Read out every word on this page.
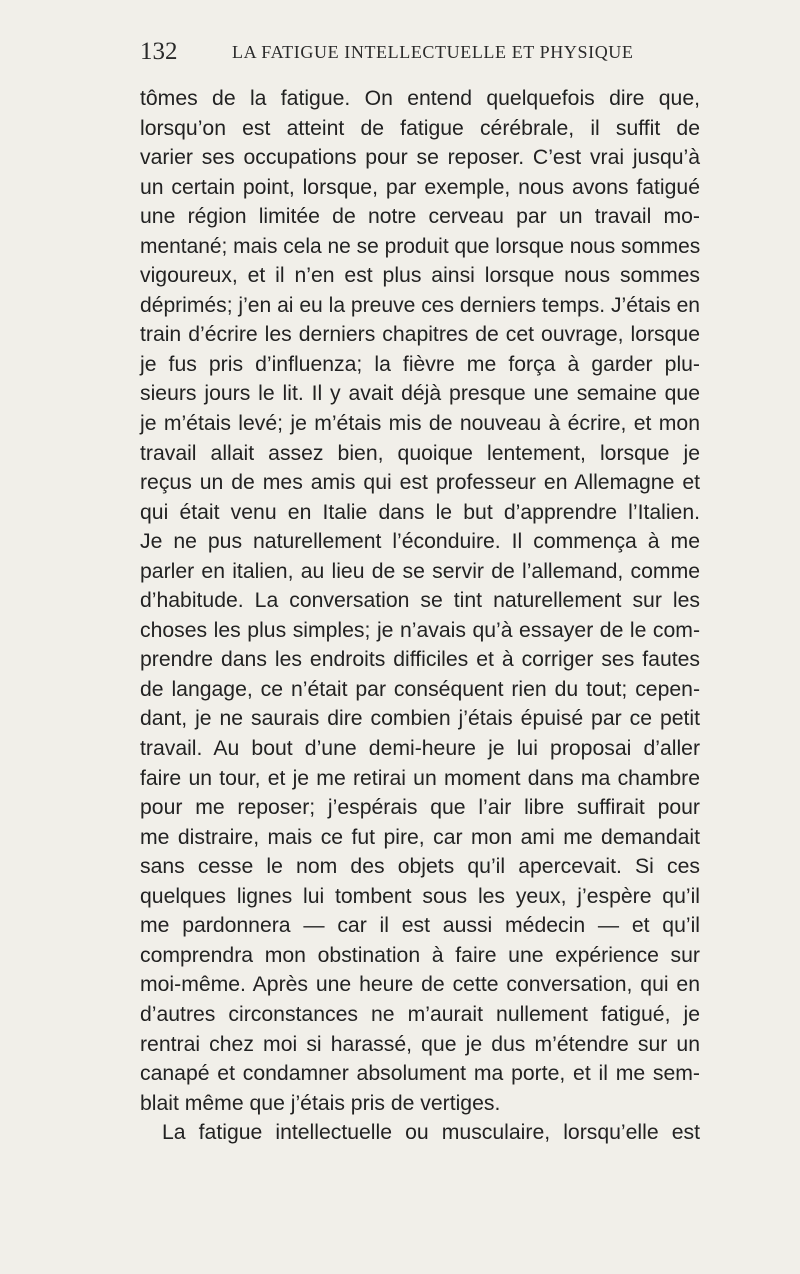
132	LA FATIGUE INTELLECTUELLE ET PHYSIQUE
tômes de la fatigue. On entend quelquefois dire que,
lorsqu’on est atteint de fatigue cérébrale, il suffit de
varier ses occupations pour se reposer. C’est vrai jusqu’à
un certain point, lorsque, par exemple, nous avons fatigué
une région limitée de notre cerveau par un travail mo-
mentané; mais cela ne se produit que lorsque nous sommes
vigoureux, et il n’en est plus ainsi lorsque nous sommes
déprimés; j’en ai eu la preuve ces derniers temps. J’étais en
train d’écrire les derniers chapitres de cet ouvrage, lorsque
je fus pris d’influenza; la fièvre me força à garder plu-
sieurs jours le lit. Il y avait déjà presque une semaine que
je m’étais levé; je m’étais mis de nouveau à écrire, et mon
travail allait assez bien, quoique lentement, lorsque je
reçus un de mes amis qui est professeur en Allemagne et
qui était venu en Italie dans le but d’apprendre l’Italien.
Je ne pus naturellement l’éconduire. Il commença à me
parler en italien, au lieu de se servir de l’allemand, comme
d’habitude. La conversation se tint naturellement sur les
choses les plus simples; je n’avais qu’à essayer de le com-
prendre dans les endroits difficiles et à corriger ses fautes
de langage, ce n’était par conséquent rien du tout; cepen-
dant, je ne saurais dire combien j’étais épuisé par ce petit
travail. Au bout d’une demi-heure je lui proposai d’aller
faire un tour, et je me retirai un moment dans ma chambre
pour me reposer; j’espérais que l’air libre suffirait pour
me distraire, mais ce fut pire, car mon ami me demandait
sans cesse le nom des objets qu’il apercevait. Si ces
quelques lignes lui tombent sous les yeux, j’espère qu’il
me pardonnera — car il est aussi médecin — et qu’il
comprendra mon obstination à faire une expérience sur
moi-même. Après une heure de cette conversation, qui en
d’autres circonstances ne m’aurait nullement fatigué, je
rentrai chez moi si harassé, que je dus m’étendre sur un
canapé et condamner absolument ma porte, et il me sem-
blait même que j’étais pris de vertiges.
La fatigue intellectuelle ou musculaire, lorsqu’elle est
